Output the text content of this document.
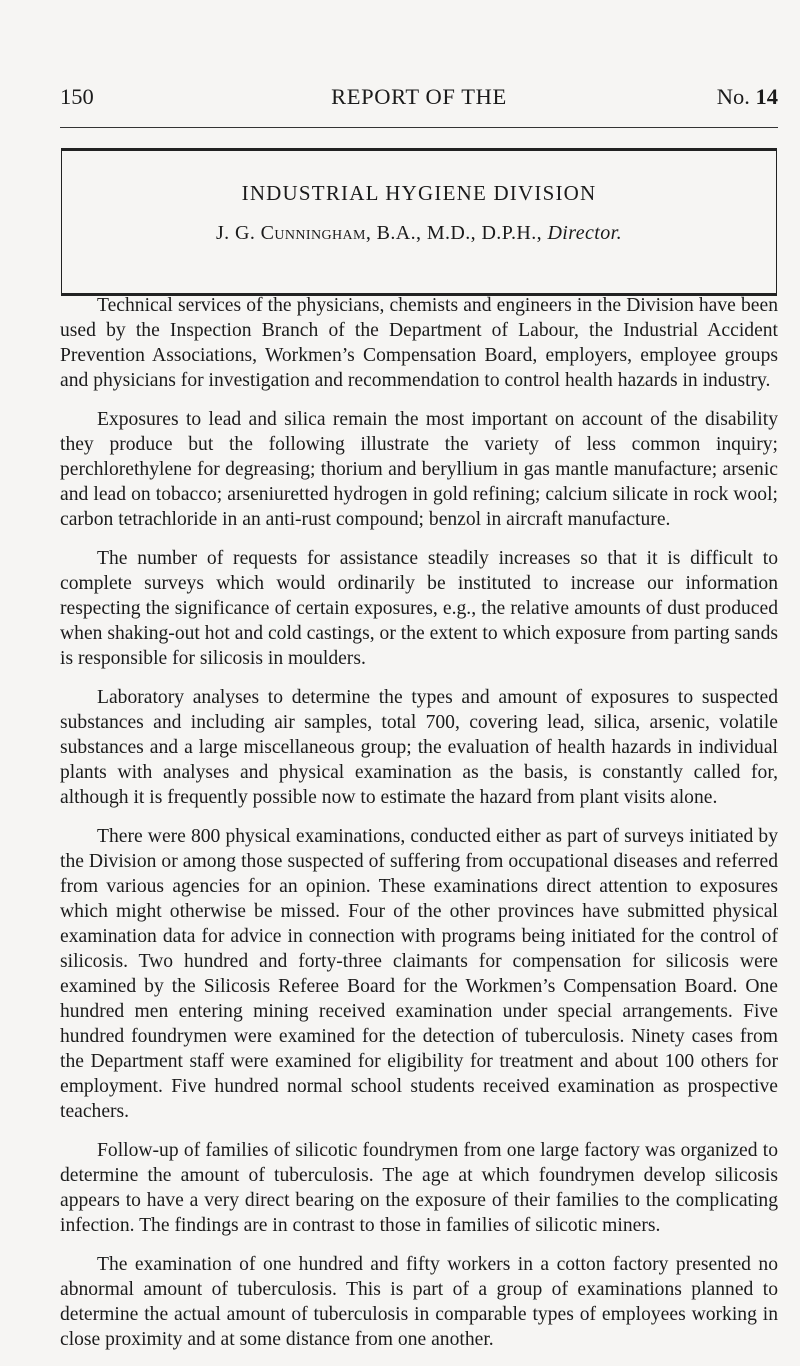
150	REPORT OF THE	No. 14
INDUSTRIAL HYGIENE DIVISION
J. G. Cunningham, B.A., M.D., D.P.H., Director.

Technical services of the physicians, chemists and engineers in the Division have been used by the Inspection Branch of the Department of Labour, the Industrial Accident Prevention Associations, Workmen’s Compensation Board, employers, employee groups and physicians for investigation and recommendation to control health hazards in industry.

Exposures to lead and silica remain the most important on account of the disability they produce but the following illustrate the variety of less common inquiry; perchlorethylene for degreasing; thorium and beryllium in gas mantle manufacture; arsenic and lead on tobacco; arseniuretted hydrogen in gold refining; calcium silicate in rock wool; carbon tetrachloride in an anti-rust compound; benzol in aircraft manufacture.

The number of requests for assistance steadily increases so that it is difficult to complete surveys which would ordinarily be instituted to increase our information respecting the significance of certain exposures, e.g., the relative amounts of dust produced when shaking-out hot and cold castings, or the extent to which exposure from parting sands is responsible for silicosis in moulders.

Laboratory analyses to determine the types and amount of exposures to suspected substances and including air samples, total 700, covering lead, silica, arsenic, volatile substances and a large miscellaneous group; the evaluation of health hazards in individual plants with analyses and physical examination as the basis, is constantly called for, although it is frequently possible now to estimate the hazard from plant visits alone.

There were 800 physical examinations, conducted either as part of surveys initiated by the Division or among those suspected of suffering from occupational diseases and referred from various agencies for an opinion. These examinations direct attention to exposures which might otherwise be missed. Four of the other provinces have submitted physical examination data for advice in connection with programs being initiated for the control of silicosis. Two hundred and forty-three claimants for compensation for silicosis were examined by the Silicosis Referee Board for the Workmen’s Compensation Board. One hundred men entering mining received examination under special arrangements. Five hundred foundrymen were examined for the detection of tuberculosis. Ninety cases from the Department staff were examined for eligibility for treatment and about 100 others for employment. Five hundred normal school students received examination as prospective teachers.

Follow-up of families of silicotic foundrymen from one large factory was organized to determine the amount of tuberculosis. The age at which foundrymen develop silicosis appears to have a very direct bearing on the exposure of their families to the complicating infection. The findings are in contrast to those in families of silicotic miners.

The examination of one hundred and fifty workers in a cotton factory presented no abnormal amount of tuberculosis. This is part of a group of examinations planned to determine the actual amount of tuberculosis in comparable types of employees working in close proximity and at some distance from one another.
